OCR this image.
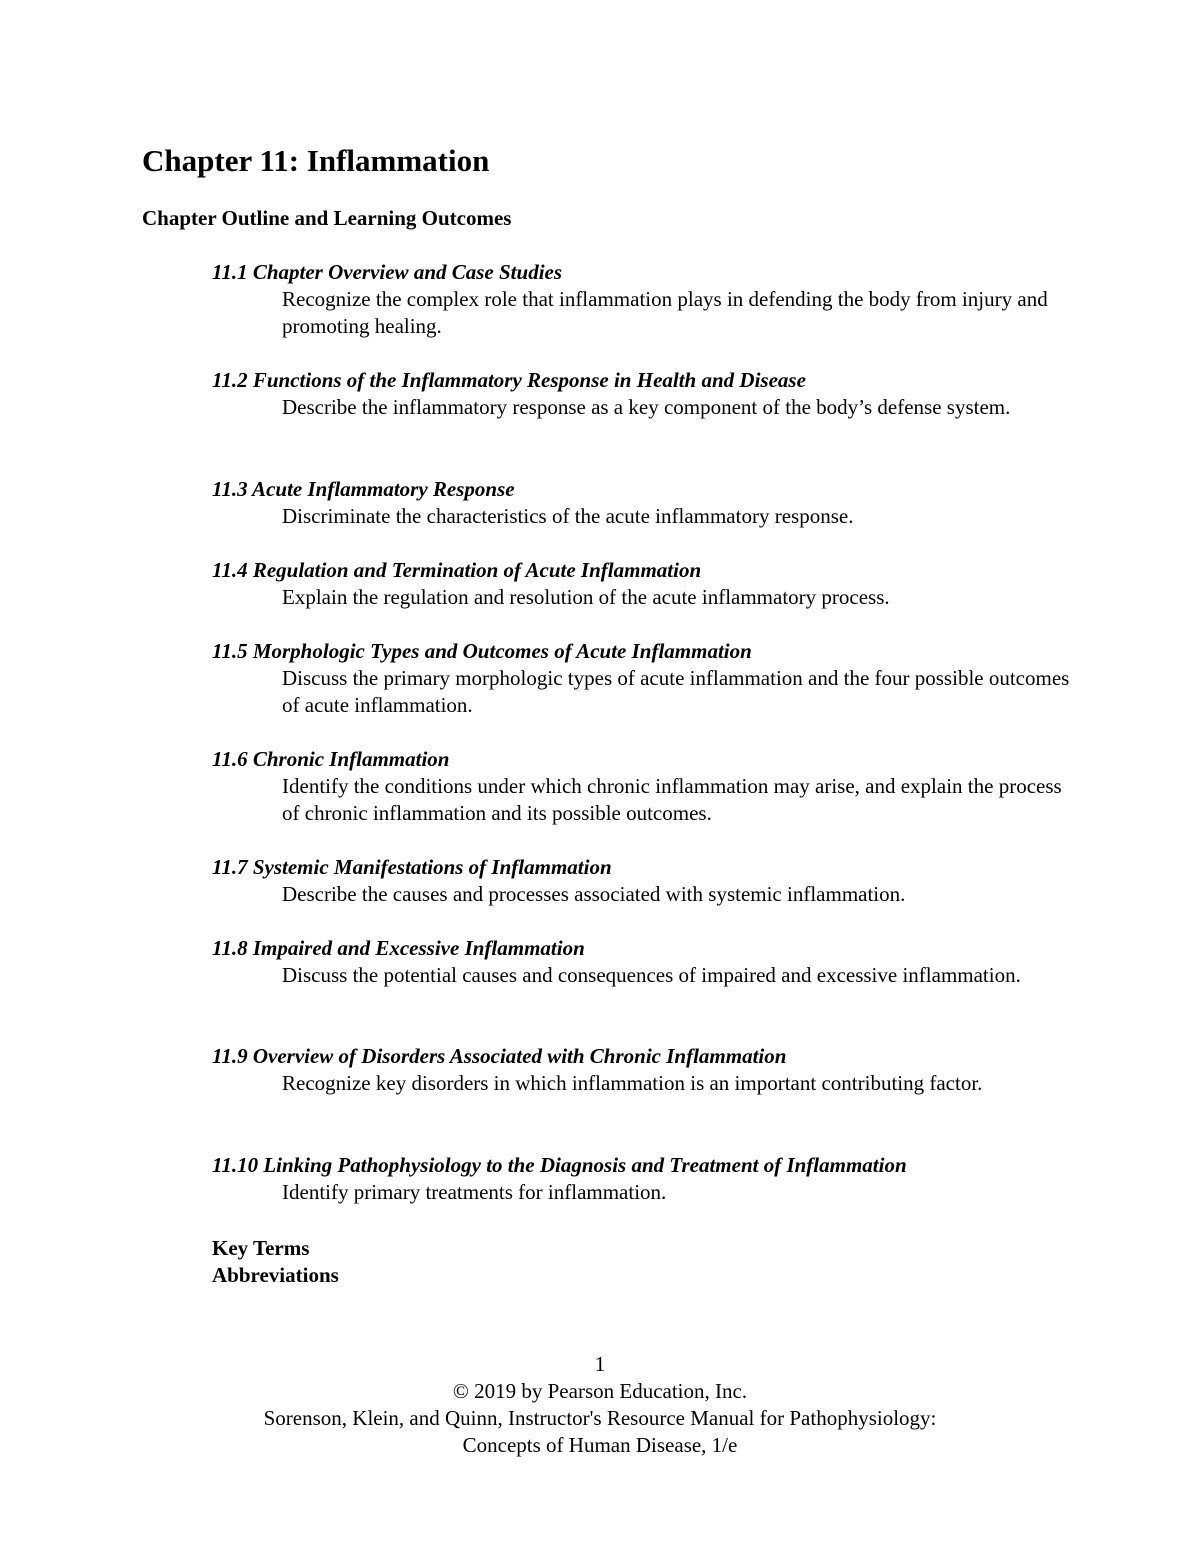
Chapter 11: Inflammation
Chapter Outline and Learning Outcomes
11.1 Chapter Overview and Case Studies
Recognize the complex role that inflammation plays in defending the body from injury and promoting healing.
11.2 Functions of the Inflammatory Response in Health and Disease
Describe the inflammatory response as a key component of the body’s defense system.
11.3 Acute Inflammatory Response
Discriminate the characteristics of the acute inflammatory response.
11.4 Regulation and Termination of Acute Inflammation
Explain the regulation and resolution of the acute inflammatory process.
11.5 Morphologic Types and Outcomes of Acute Inflammation
Discuss the primary morphologic types of acute inflammation and the four possible outcomes of acute inflammation.
11.6 Chronic Inflammation
Identify the conditions under which chronic inflammation may arise, and explain the process of chronic inflammation and its possible outcomes.
11.7 Systemic Manifestations of Inflammation
Describe the causes and processes associated with systemic inflammation.
11.8 Impaired and Excessive Inflammation
Discuss the potential causes and consequences of impaired and excessive inflammation.
11.9 Overview of Disorders Associated with Chronic Inflammation
Recognize key disorders in which inflammation is an important contributing factor.
11.10 Linking Pathophysiology to the Diagnosis and Treatment of Inflammation
Identify primary treatments for inflammation.
Key Terms
Abbreviations
1
© 2019 by Pearson Education, Inc.
Sorenson, Klein, and Quinn, Instructor's Resource Manual for Pathophysiology:
Concepts of Human Disease, 1/e
